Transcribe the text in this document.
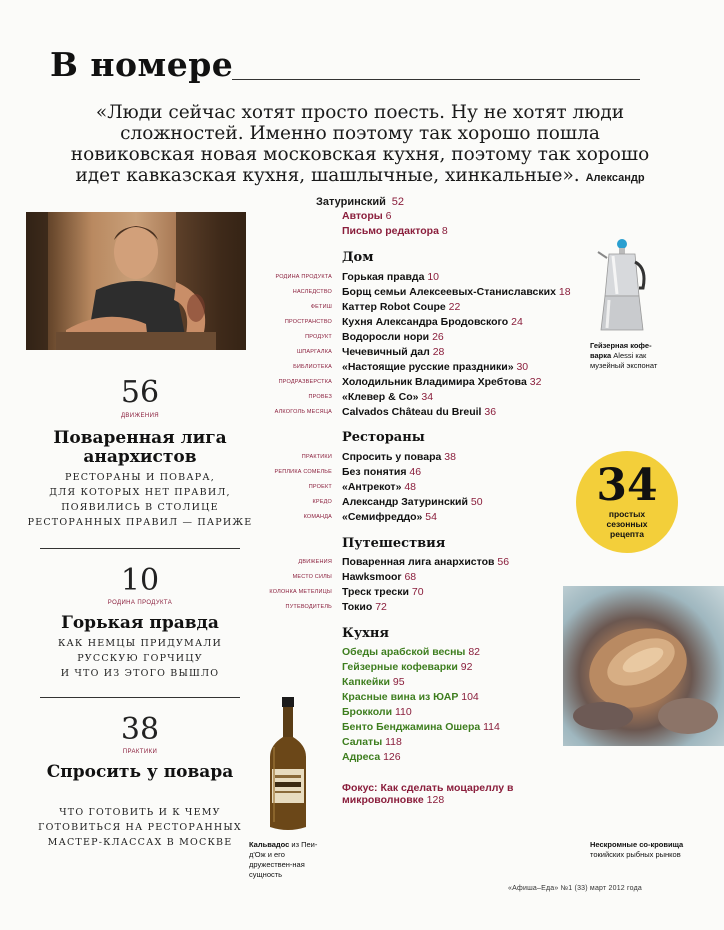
В номере
«Люди сейчас хотят просто поесть. Ну не хотят люди сложностей. Именно поэтому так хорошо пошла новиковская новая московская кухня, поэтому так хорошо идет кавказская кухня, шашлычные, хинкальные». Александр Затуринский 52
56
ДВИЖЕНИЯ
Поваренная лига анархистов
РЕСТОРАНЫ И ПОВАРА,
ДЛЯ КОТОРЫХ НЕТ ПРАВИЛ,
ПОЯВИЛИСЬ В СТОЛИЦЕ
РЕСТОРАННЫХ ПРАВИЛ — ПАРИЖЕ
10
РОДИНА ПРОДУКТА
Горькая правда
КАК НЕМЦЫ ПРИДУМАЛИ
РУССКУЮ ГОРЧИЦУ
И ЧТО ИЗ ЭТОГО ВЫШЛО
38
ПРАКТИКИ
Спросить у повара
ЧТО ГОТОВИТЬ И К ЧЕМУ
ГОТОВИТЬСЯ НА РЕСТОРАННЫХ
МАСТЕР-КЛАССАХ В МОСКВЕ
Авторы 6
Письмо редактора 8
Дом
РОДИНА ПРОДУКТА Горькая правда 10
НАСЛЕДСТВО Борщ семьи Алексеевых-Станиславских 18
ФЕТИШ Каттер Robot Coupe 22
ПРОСТРАНСТВО Кухня Александра Бродовского 24
ПРОДУКТ Водоросли нори 26
ШПАРГАЛКА Чечевичный дал 28
БИБЛИОТЕКА «Настоящие русские праздники» 30
ПРОДРАЗВЕРСТКА Холодильник Владимира Хребтова 32
ПРОВЕЗ «Клевер & Co» 34
АЛКОГОЛЬ МЕСЯЦА Calvados Château du Breuil 36
Рестораны
ПРАКТИКИ Спросить у повара 38
РЕПЛИКА СОМЕЛЬЕ Без понятия 46
ПРОЕКТ «Антрекот» 48
КРЕДО Александр Затуринский 50
КОМАНДА «Семифреддо» 54
Путешествия
ДВИЖЕНИЯ Поваренная лига анархистов 56
МЕСТО СИЛЫ Hawksmoor 68
КОЛОНКА МЕТЕЛИЦЫ Треск трески 70
ПУТЕВОДИТЕЛЬ Токио 72
Кухня
Обеды арабской весны 82
Гейзерные кофеварки 92
Капкейки 95
Красные вина из ЮАР 104
Брокколи 110
Бенто Бенджамина Ошера 114
Салаты 118
Адреса 126
Фокус: Как сделать моцареллу в микроволновке 128
Гейзерная кофе-варка Alessi как музейный экспонат
34
простых
сезонных
рецепта
Нескромные со-кровища токийских рыбных рынков
Кальвадос из Пеи-д'Ож и его дружествен-ная сущность
«Афиша–Еда» №1 (33) март 2012 года
